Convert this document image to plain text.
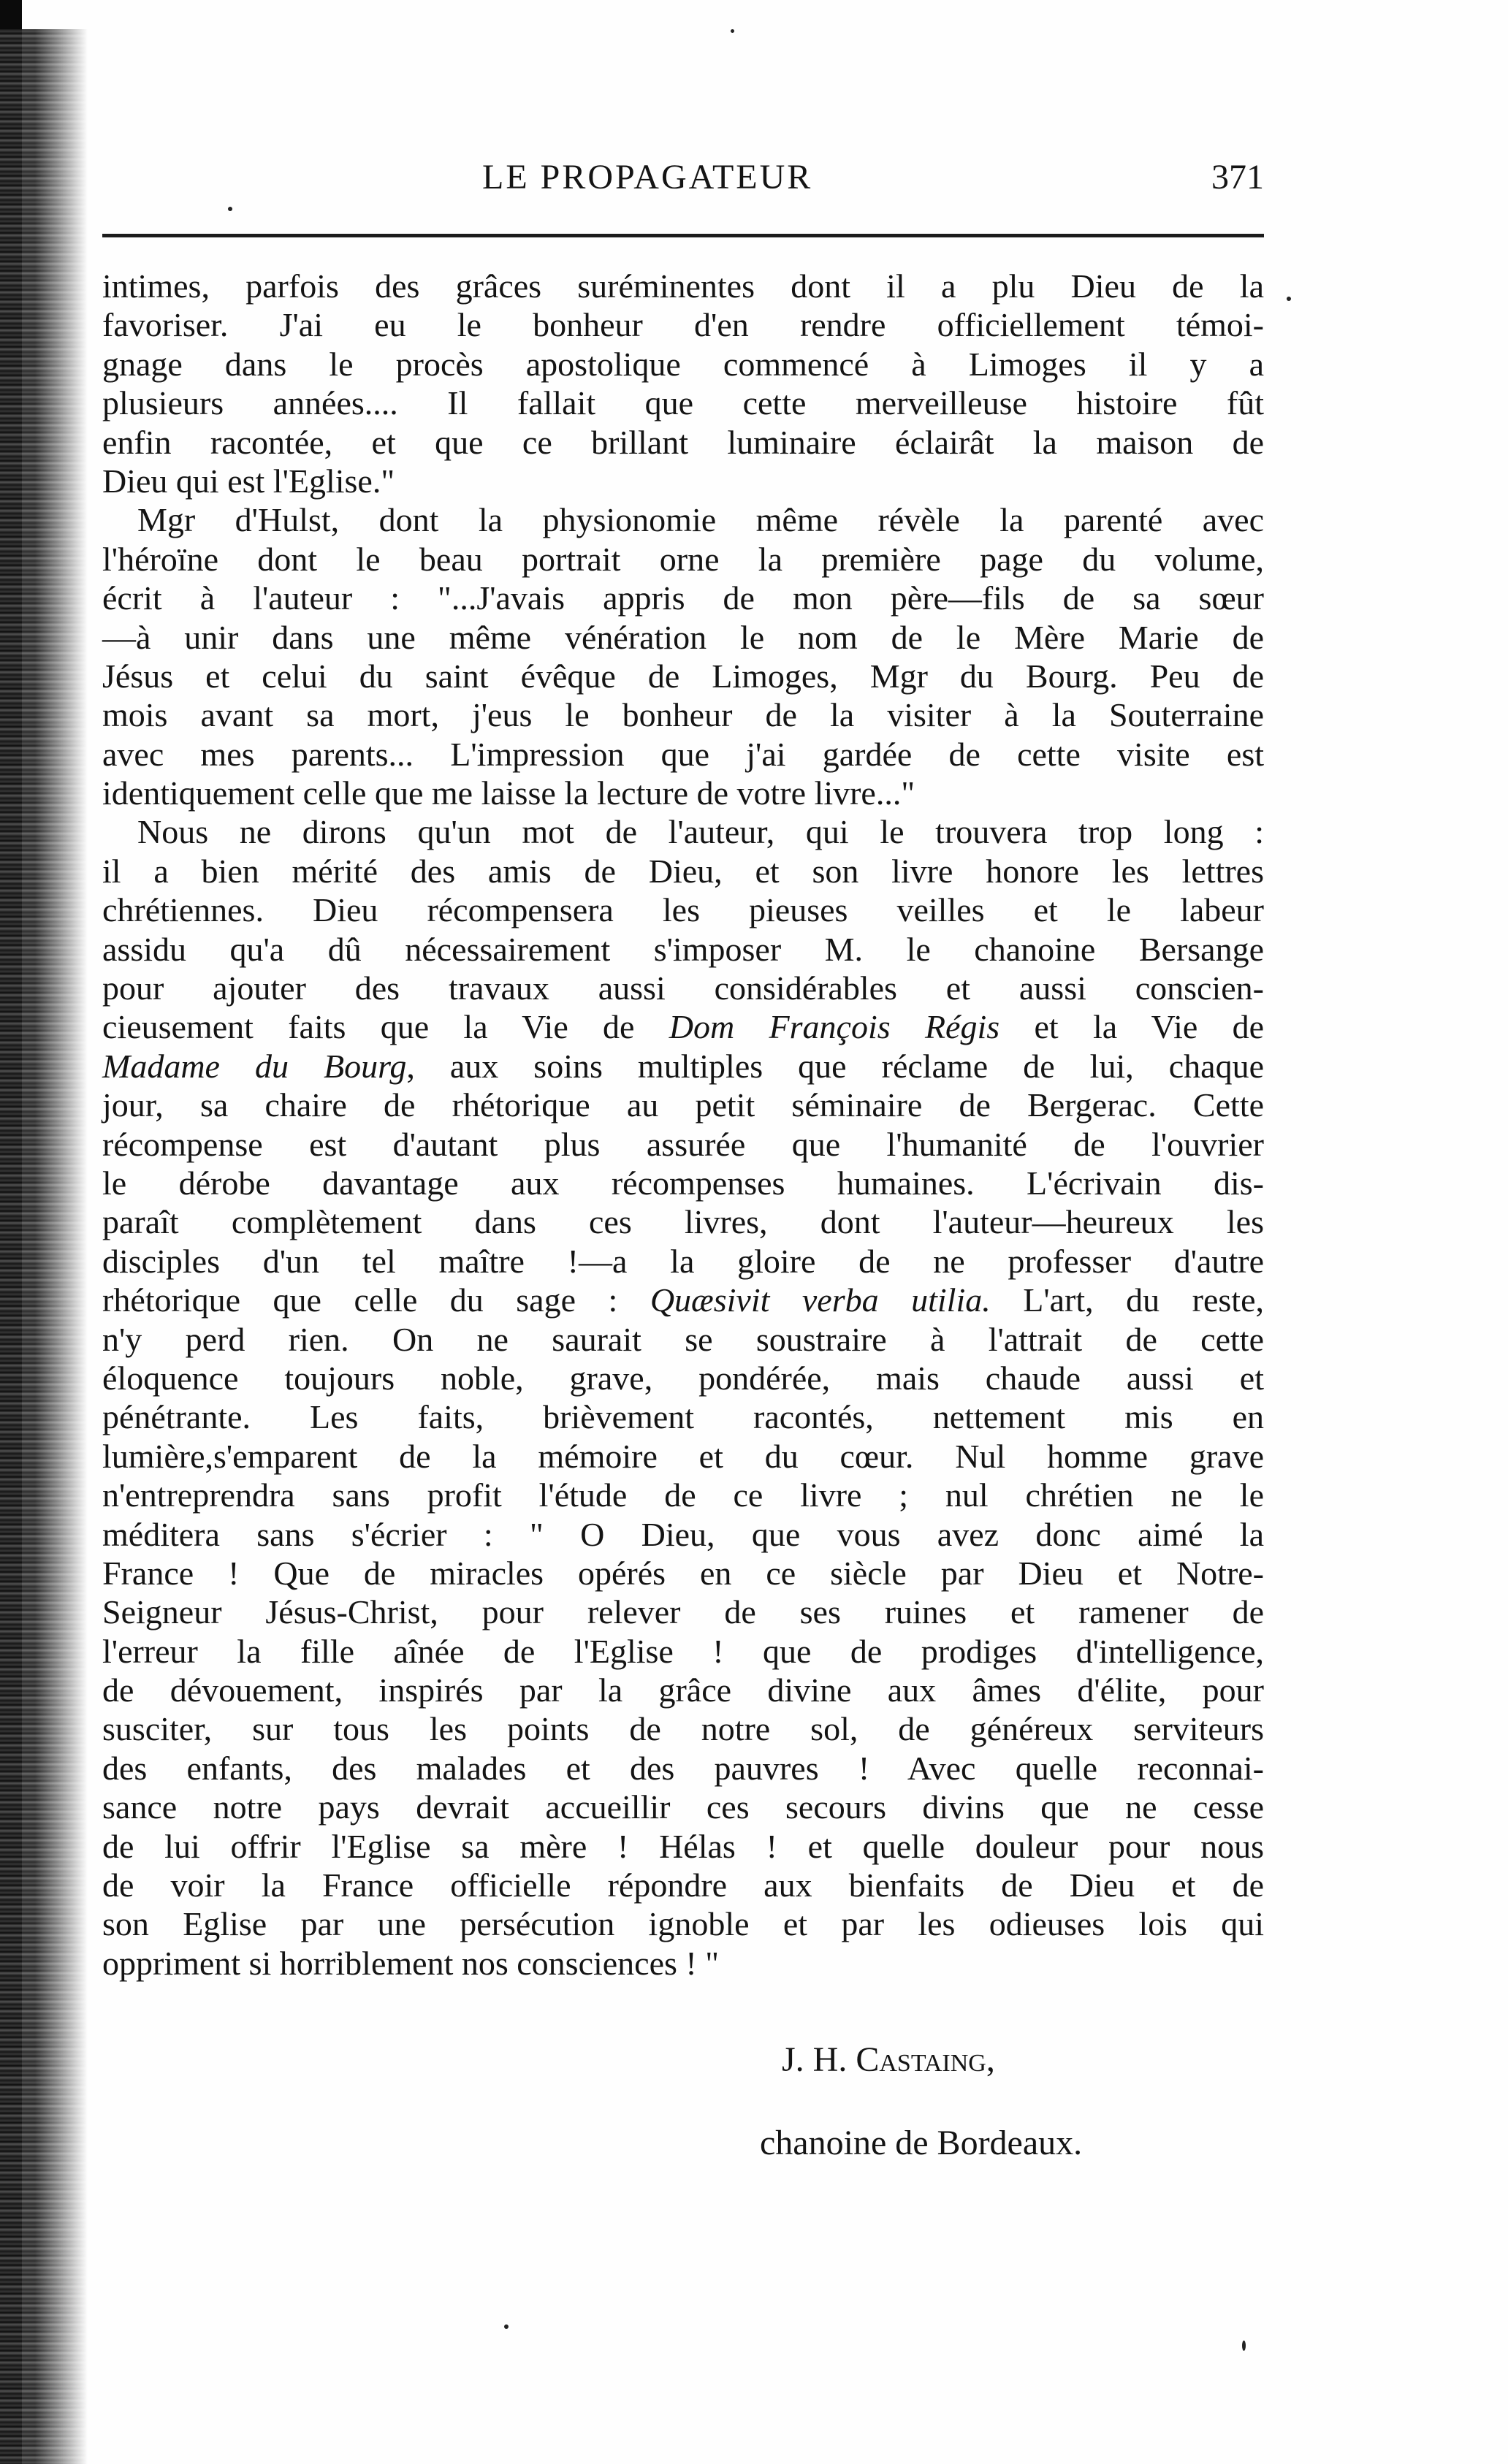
LE PROPAGATEUR	371
intimes, parfois des grâces suréminentes dont il a plu Dieu de la
favoriser. J'ai eu le bonheur d'en rendre officiellement témoi-
gnage dans le procès apostolique commencé à Limoges il y a
plusieurs années.... Il fallait que cette merveilleuse histoire fût
enfin racontée, et que ce brillant luminaire éclairât la maison de
Dieu qui est l'Eglise."
Mgr d'Hulst, dont la physionomie même révèle la parenté avec
l'héroïne dont le beau portrait orne la première page du volume,
écrit à l'auteur : "...J'avais appris de mon père—fils de sa sœur
—à unir dans une même vénération le nom de le Mère Marie de
Jésus et celui du saint évêque de Limoges, Mgr du Bourg. Peu de
mois avant sa mort, j'eus le bonheur de la visiter à la Souterraine
avec mes parents... L'impression que j'ai gardée de cette visite est
identiquement celle que me laisse la lecture de votre livre..."
Nous ne dirons qu'un mot de l'auteur, qui le trouvera trop long :
il a bien mérité des amis de Dieu, et son livre honore les lettres
chrétiennes. Dieu récompensera les pieuses veilles et le labeur
assidu qu'a dû nécessairement s'imposer M. le chanoine Bersange
pour ajouter des travaux aussi considérables et aussi conscien-
cieusement faits que la Vie de Dom François Régis et la Vie de
Madame du Bourg, aux soins multiples que réclame de lui, chaque
jour, sa chaire de rhétorique au petit séminaire de Bergerac. Cette
récompense est d'autant plus assurée que l'humanité de l'ouvrier
le dérobe davantage aux récompenses humaines. L'écrivain dis-
paraît complètement dans ces livres, dont l'auteur—heureux les
disciples d'un tel maître !—a la gloire de ne professer d'autre
rhétorique que celle du sage : Quæsivit verba utilia. L'art, du reste,
n'y perd rien. On ne saurait se soustraire à l'attrait de cette
éloquence toujours noble, grave, pondérée, mais chaude aussi et
pénétrante. Les faits, brièvement racontés, nettement mis en
lumière,s'emparent de la mémoire et du cœur. Nul homme grave
n'entreprendra sans profit l'étude de ce livre ; nul chrétien ne le
méditera sans s'écrier : " O Dieu, que vous avez donc aimé la
France ! Que de miracles opérés en ce siècle par Dieu et Notre-
Seigneur Jésus-Christ, pour relever de ses ruines et ramener de
l'erreur la fille aînée de l'Eglise ! que de prodiges d'intelligence,
de dévouement, inspirés par la grâce divine aux âmes d'élite, pour
susciter, sur tous les points de notre sol, de généreux serviteurs
des enfants, des malades et des pauvres ! Avec quelle reconnai-
sance notre pays devrait accueillir ces secours divins que ne cesse
de lui offrir l'Eglise sa mère ! Hélas ! et quelle douleur pour nous
de voir la France officielle répondre aux bienfaits de Dieu et de
son Eglise par une persécution ignoble et par les odieuses lois qui
oppriment si horriblement nos consciences ! "
J. H. Castaing,
chanoine de Bordeaux.
